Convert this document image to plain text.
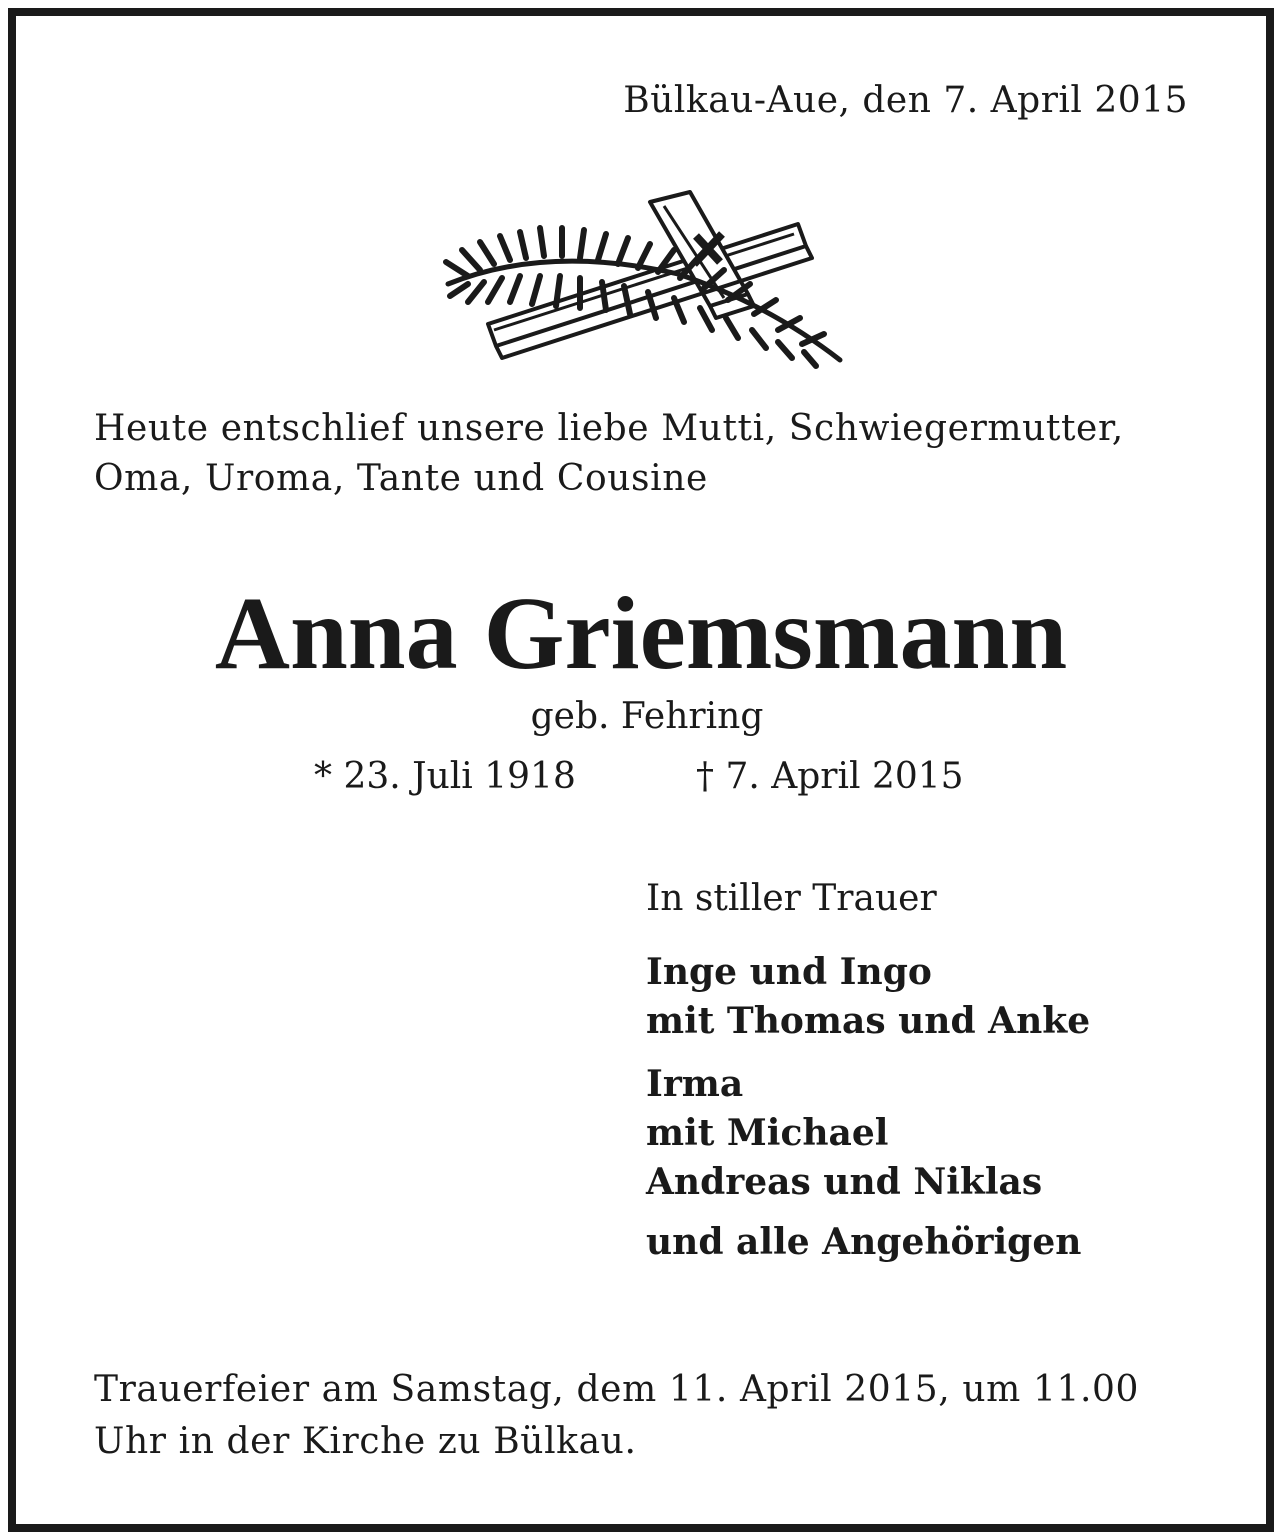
Bülkau-Aue, den 7. April 2015
Heute entschlief unsere liebe Mutti, Schwiegermutter,
Oma, Uroma, Tante und Cousine
Anna Griemsmann
geb. Fehring
* 23. Juli 1918	† 7. April 2015
In stiller Trauer
Inge und Ingo
mit Thomas und Anke
Irma
mit Michael
Andreas und Niklas
und alle Angehörigen
Trauerfeier am Samstag, dem 11. April 2015, um 11.00
Uhr in der Kirche zu Bülkau.
